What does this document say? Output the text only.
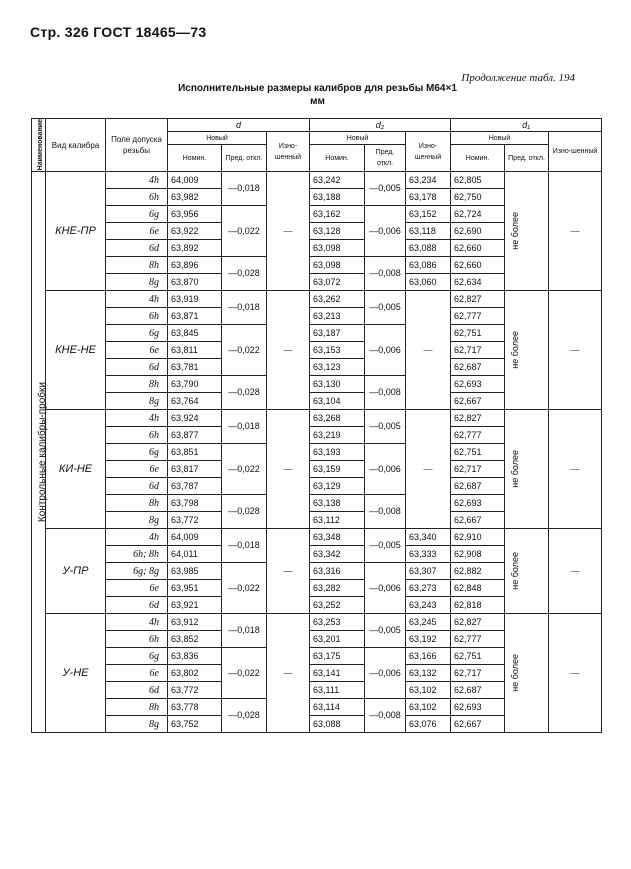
Стр. 326 ГОСТ 18465—73
Продолжение табл. 194
Исполнительные размеры калибров для резьбы М64×1
мм
Наименование	Вид калибра	Поле допуска резьбы	d			d₂			d₁		
			Новый		Изно-шенный	Новый		Изно-шенный	Новый		Изно-шенный
			Номин.	Пред. откл.		Номин.	Пред. откл.		Номин.	Пред. откл.	

Контрольные калибры-пробки	КНЕ-ПР	4h	64,009	—0,018	—	63,242	—0,005	63,234	62,805	не более	—
		6h	63,982			63,188		63,178	62,750		
		6g	63,956	—0,022		63,162	—0,006	63,152	62,724		
		6e	63,922			63,128		63,118	62,690		
		6d	63,892			63,098		63,088	62,660		
		8h	63,896	—0,028		63,098	—0,008	63,086	62,660		
		8g	63,870			63,072		63,060	62,634		
	КНЕ-НЕ	4h	63,919	—0,018	—	63,262	—0,005	—	62,827	не более	—
		6h	63,871			63,213			62,777		
		6g	63,845	—0,022		63,187	—0,006		62,751		
		6e	63,811			63,153			62,717		
		6d	63,781			63,123			62,687		
		8h	63,790	—0,028		63,130	—0,008		62,693		
		8g	63,764			63,104			62,667		
	КИ-НЕ	4h	63,924	—0,018	—	63,268	—0,005	—	62,827	не более	—
		6h	63,877			63,219			62,777		
		6g	63,851	—0,022		63,193	—0,006		62,751		
		6e	63,817			63,159			62,717		
		6d	63,787			63,129			62,687		
		8h	63,798	—0,028		63,138	—0,008		62,693		
		8g	63,772			63,112			62,667		
	У-ПР	4h	64,009	—0,018	—	63,348	—0,005	63,340	62,910	не более	—
		6h; 8h	64,011			63,342		63,333	62,908		
		6g; 8g	63,985	—0,022		63,316	—0,006	63,307	62,882		
		6e	63,951			63,282		63,273	62,848		
		6d	63,921			63,252		63,243	62,818		
	У-НЕ	4h	63,912	—0,018	—	63,253	—0,005	63,245	62,827	не более	—
		6h	63,852			63,201		63,192	62,777		
		6g	63,836	—0,022		63,175	—0,006	63,166	62,751		
		6e	63,802			63,141		63,132	62,717		
		6d	63,772			63,111		63,102	62,687		
		8h	63,778	—0,028		63,114	—0,008	63,102	62,693		
		8g	63,752			63,088		63,076	62,667		
